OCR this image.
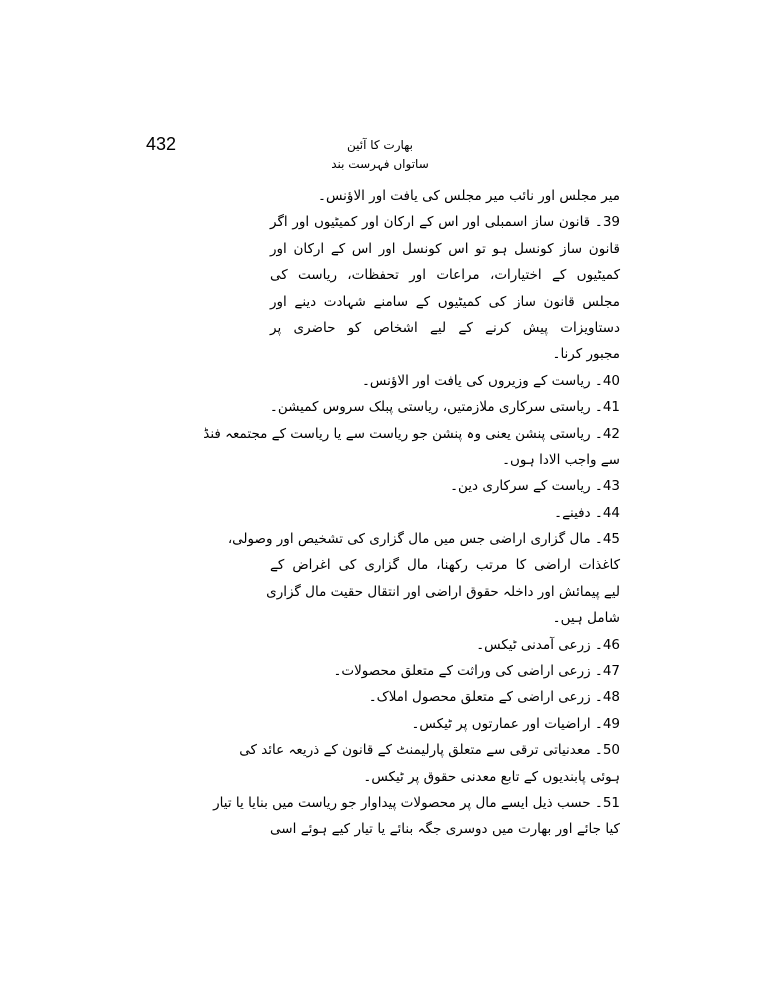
432	بھارت کا آئین
ساتواں فہرست بند
میر مجلس اور نائب میر مجلس کی یافت اور الاؤنس۔
39۔ قانون ساز اسمبلی اور اس کے ارکان اور کمیٹیوں اور اگر
قانون ساز کونسل ہو تو اس کونسل اور اس کے ارکان اور
کمیٹیوں کے اختیارات، مراعات اور تحفظات، ریاست کی
مجلس قانون ساز کی کمیٹیوں کے سامنے شہادت دینے اور
دستاویزات پیش کرنے کے لیے اشخاص کو حاضری پر
مجبور کرنا۔
40۔ ریاست کے وزیروں کی یافت اور الاؤنس۔
41۔ ریاستی سرکاری ملازمتیں، ریاستی پبلک سروس کمیشن۔
42۔ ریاستی پنشن یعنی وہ پنشن جو ریاست سے یا ریاست کے مجتمعہ فنڈ
سے واجب الادا ہوں۔
43۔ ریاست کے سرکاری دین۔
44۔ دفینے۔
45۔ مال گزاری اراضی جس میں مال گزاری کی تشخیص اور وصولی،
کاغذات اراضی کا مرتب رکھنا، مال گزاری کی اغراض کے
لیے پیمائش اور داخلہ حقوق اراضی اور انتقال حقیت مال گزاری
شامل ہیں۔
46۔ زرعی آمدنی ٹیکس۔
47۔ زرعی اراضی کی وراثت کے متعلق محصولات۔
48۔ زرعی اراضی کے متعلق محصول املاک۔
49۔ اراضیات اور عمارتوں پر ٹیکس۔
50۔ معدنیاتی ترقی سے متعلق پارلیمنٹ کے قانون کے ذریعہ عائد کی
ہوئی پابندیوں کے تابع معدنی حقوق پر ٹیکس۔
51۔ حسب ذیل ایسے مال پر محصولات پیداوار جو ریاست میں بنایا یا تیار
کیا جائے اور بھارت میں دوسری جگہ بنائے یا تیار کیے ہوئے اسی
